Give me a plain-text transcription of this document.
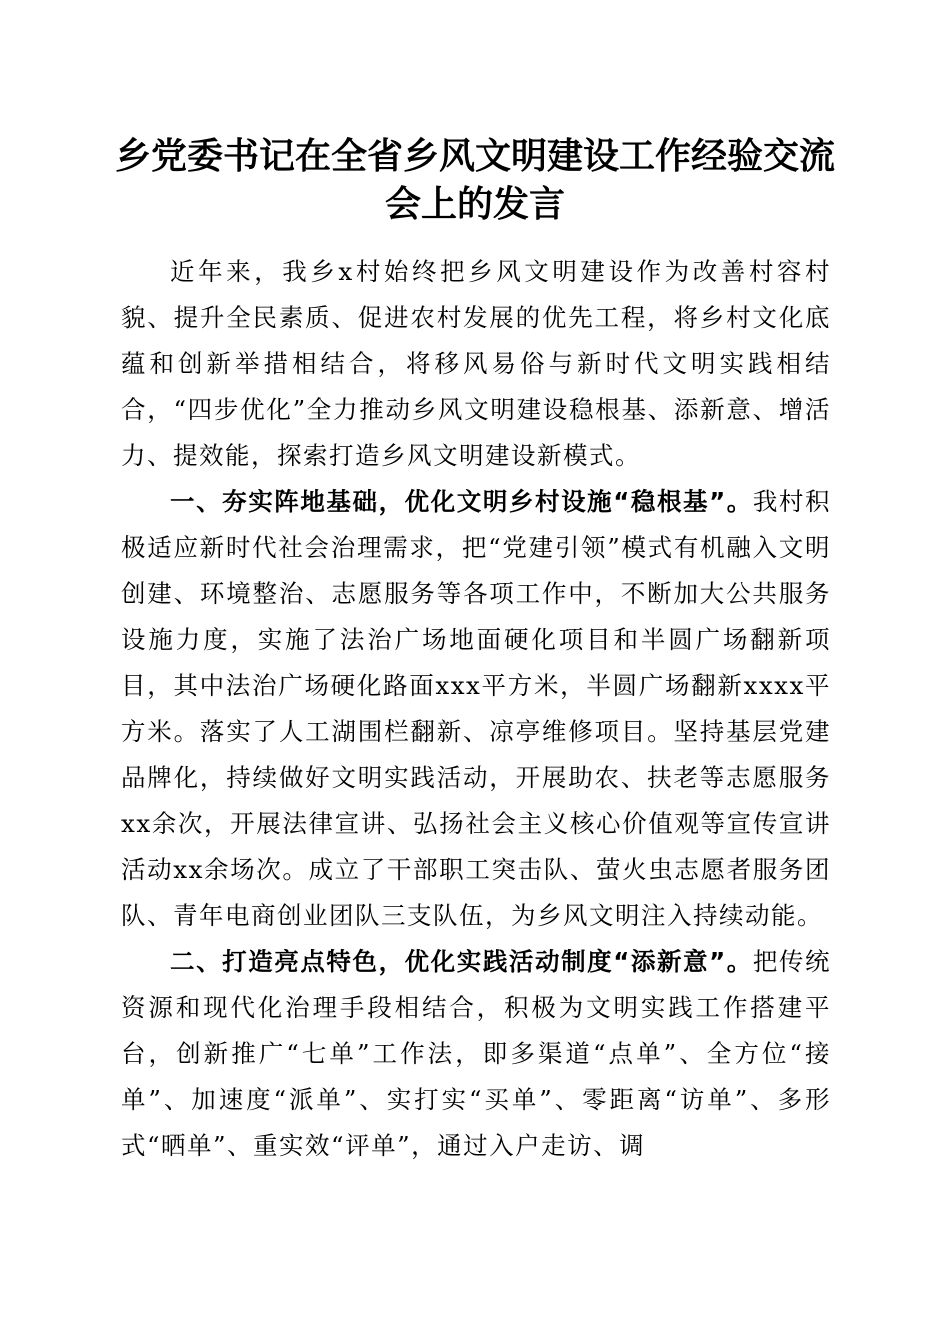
乡党委书记在全省乡风文明建设工作经验交流会上的发言

近年来，我乡x村始终把乡风文明建设作为改善村容村貌、提升全民素质、促进农村发展的优先工程，将乡村文化底蕴和创新举措相结合，将移风易俗与新时代文明实践相结合，“四步优化”全力推动乡风文明建设稳根基、添新意、增活力、提效能，探索打造乡风文明建设新模式。

一、夯实阵地基础，优化文明乡村设施“稳根基”。我村积极适应新时代社会治理需求，把“党建引领”模式有机融入文明创建、环境整治、志愿服务等各项工作中，不断加大公共服务设施力度，实施了法治广场地面硬化项目和半圆广场翻新项目，其中法治广场硬化路面xxx平方米，半圆广场翻新xxxx平方米。落实了人工湖围栏翻新、凉亭维修项目。坚持基层党建品牌化，持续做好文明实践活动，开展助农、扶老等志愿服务xx余次，开展法律宣讲、弘扬社会主义核心价值观等宣传宣讲活动xx余场次。成立了干部职工突击队、萤火虫志愿者服务团队、青年电商创业团队三支队伍，为乡风文明注入持续动能。

二、打造亮点特色，优化实践活动制度“添新意”。把传统资源和现代化治理手段相结合，积极为文明实践工作搭建平台，创新推广“七单”工作法，即多渠道“点单”、全方位“接单”、加速度“派单”、实打实“买单”、零距离“访单”、多形式“晒单”、重实效“评单”，通过入户走访、调
